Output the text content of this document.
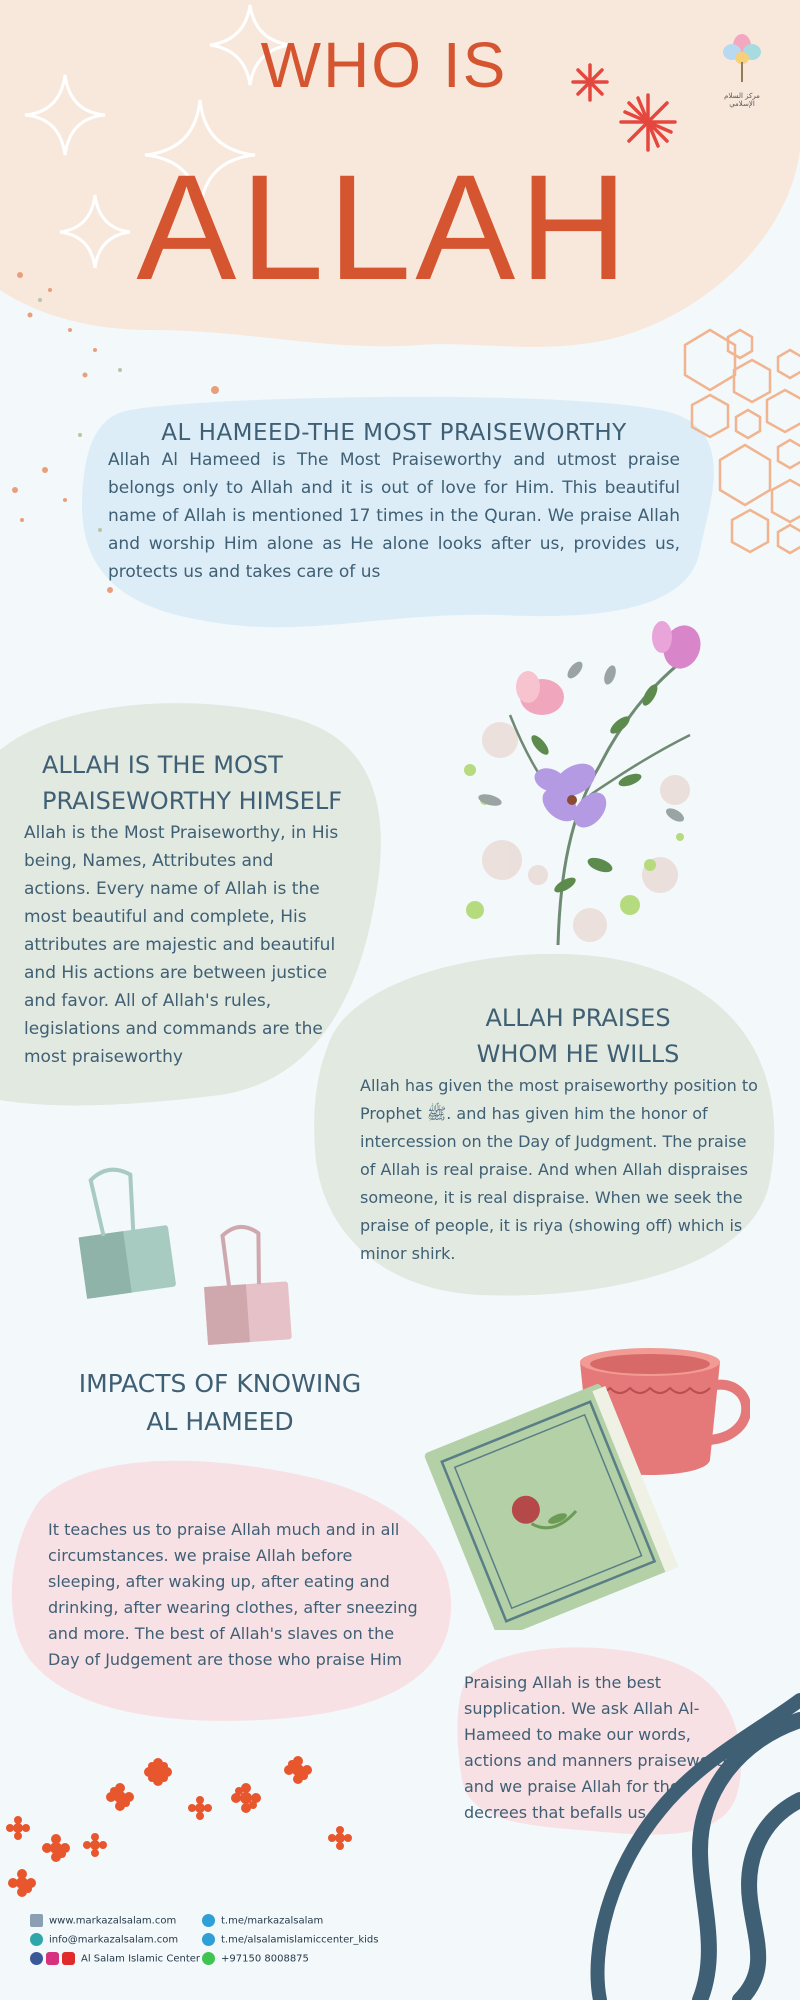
مركز السلام الإسلامي
WHO IS
ALLAH
AL HAMEED-THE MOST PRAISEWORTHY

Allah Al Hameed is The Most Praiseworthy and utmost praise belongs only to Allah and it is out of love for Him. This beautiful name of Allah is mentioned 17 times in the Quran. We praise Allah and worship Him alone as He alone looks after us, provides us, protects us and takes care of us

ALLAH IS THE MOST
PRAISEWORTHY HIMSELF

Allah is the Most Praiseworthy, in His being, Names, Attributes and actions. Every name of Allah is the most beautiful and complete, His attributes are majestic and beautiful and His actions are between justice and favor. All of Allah's rules, legislations and commands are the most praiseworthy

ALLAH PRAISES
WHOM HE WILLS

Allah has given the most praiseworthy position to Prophet ﷺ. and has given him the honor of intercession on the Day of Judgment. The praise of Allah is real praise. And when Allah dispraises someone, it is real dispraise. When we seek the praise of people, it is riya (showing off) which is minor shirk.

IMPACTS OF KNOWING
AL HAMEED

It teaches us to praise Allah much and in all circumstances. we praise Allah before sleeping, after waking up, after eating and drinking, after wearing clothes, after sneezing and more. The best of Allah's slaves on the Day of Judgement are those who praise Him

Praising Allah is the best supplication. We ask Allah Al-Hameed to make our words, actions and manners praiseworthy and we praise Allah for the decrees that befalls us

www.markazalsalam.com
info@markazalsalam.com
Al Salam Islamic Center
t.me/markazalsalam
t.me/alsalamislamiccenter_kids
+97150 8008875
